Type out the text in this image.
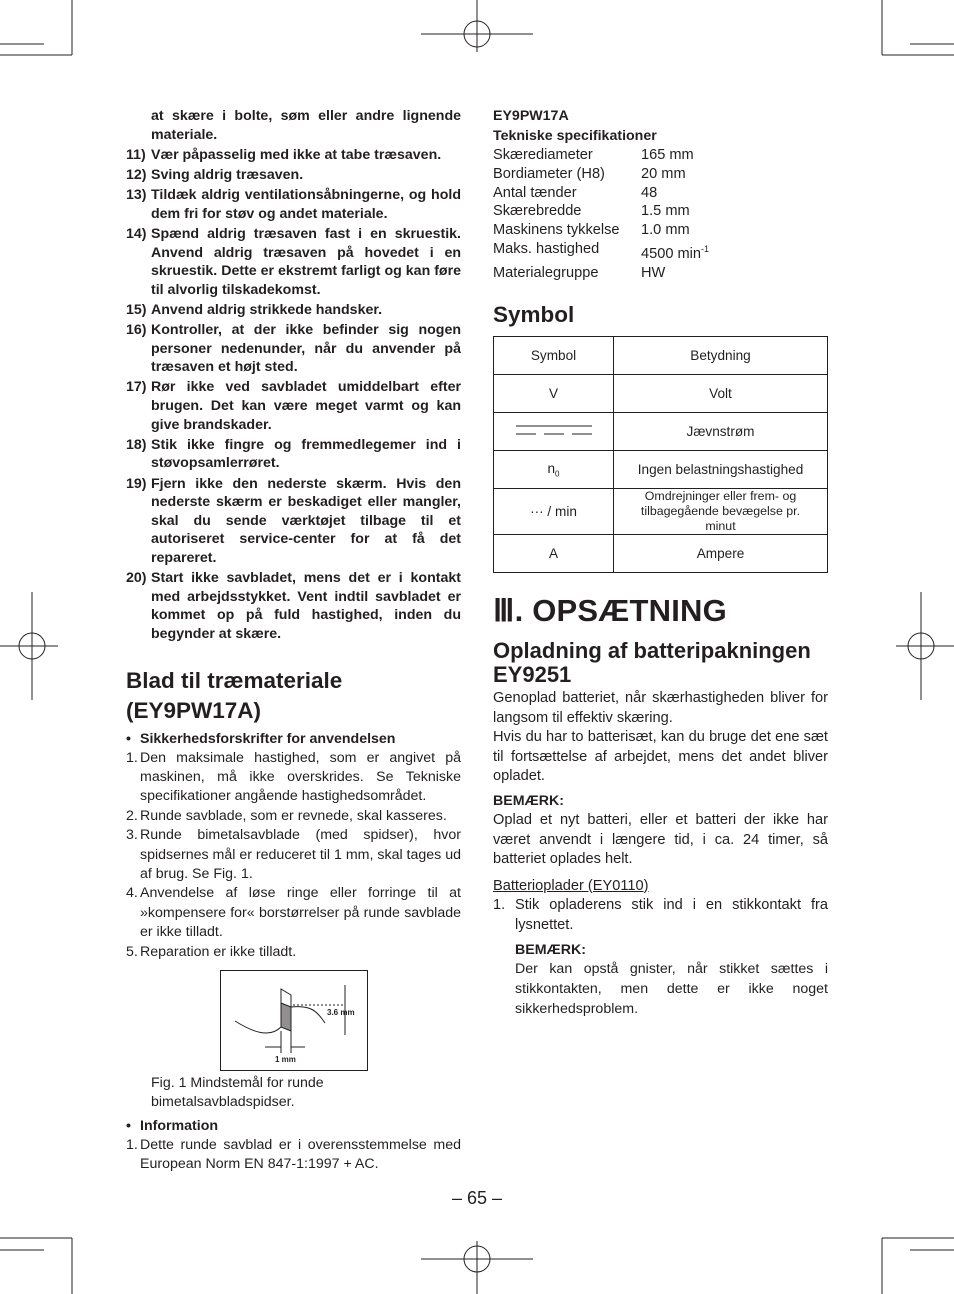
at skære i bolte, søm eller andre lignende materiale.
11) Vær påpasselig med ikke at tabe træsaven.
12) Sving aldrig træsaven.
13) Tildæk aldrig ventilationsåbningerne, og hold dem fri for støv og andet materiale.
14) Spænd aldrig træsaven fast i en skruestik. Anvend aldrig træsaven på hovedet i en skruestik. Dette er ekstremt farligt og kan føre til alvorlig tilskadekomst.
15) Anvend aldrig strikkede handsker.
16) Kontroller, at der ikke befinder sig nogen personer nedenunder, når du anvender på træsaven et højt sted.
17) Rør ikke ved savbladet umiddelbart efter brugen. Det kan være meget varmt og kan give brandskader.
18) Stik ikke fingre og fremmedlegemer ind i støvopsamlerrøret.
19) Fjern ikke den nederste skærm. Hvis den nederste skærm er beskadiget eller mangler, skal du sende værktøjet tilbage til et autoriseret service-center for at få det repareret.
20) Start ikke savbladet, mens det er i kontakt med arbejdsstykket. Vent indtil savbladet er kommet op på fuld hastighed, inden du begynder at skære.
Blad til træmateriale (EY9PW17A)
• Sikkerhedsforskrifter for anvendelsen
1. Den maksimale hastighed, som er angivet på maskinen, må ikke overskrides. Se Tekniske specifikationer angående hastighedsområdet.
2. Runde savblade, som er revnede, skal kasseres.
3. Runde bimetalsavblade (med spidser), hvor spidsernes mål er reduceret til 1 mm, skal tages ud af brug. Se Fig. 1.
4. Anvendelse af løse ringe eller forringe til at »kompensere for« borstørrelser på runde savblade er ikke tilladt.
5. Reparation er ikke tilladt.
3.6 mm
1 mm
Fig. 1 Mindstemål for runde bimetalsavbladspidser.
• Information
1. Dette runde savblad er i overensstemmelse med European Norm EN 847-1:1997 + AC.
EY9PW17A
Tekniske specifikationer
Skærediameter	165 mm
Bordiameter (H8)	20 mm
Antal tænder	48
Skærebredde	1.5 mm
Maskinens tykkelse	1.0 mm
Maks. hastighed	4500 $\min^{-1}$
Materialegruppe	HW
Symbol
Symbol	Betydning
V	Volt
	Jævnstrøm
$n_0$	Ingen belastningshastighed
··· / min	Omdrejninger eller frem- og tilbagegående bevægelse pr. minut
A	Ampere
Ⅲ. OPSÆTNING
Opladning af batteripakningen EY9251
Genoplad batteriet, når skærhastigheden bliver for langsom til effektiv skæring.
Hvis du har to batterisæt, kan du bruge det ene sæt til fortsættelse af arbejdet, mens det andet bliver opladet.
BEMÆRK:
Oplad et nyt batteri, eller et batteri der ikke har været anvendt i længere tid, i ca. 24 timer, så batteriet oplades helt.
Batterioplader (EY0110)
1. Stik opladerens stik ind i en stikkontakt fra lysnettet.
BEMÆRK:
Der kan opstå gnister, når stikket sættes i stikkontakten, men dette er ikke noget sikkerhedsproblem.
– 65 –
